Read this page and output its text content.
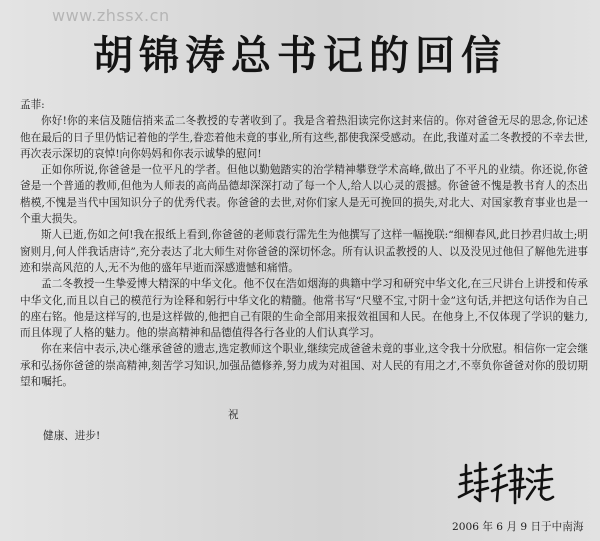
www.zhssx.cn
胡锦涛总书记的回信

孟菲:

你好!你的来信及随信捎来孟二冬教授的专著收到了。我是含着热泪读完你这封来信的。你对爸爸无尽的思念,你记述他在最后的日子里仍惦记着他的学生,眷恋着他未竟的事业,所有这些,都使我深受感动。在此,我谨对孟二冬教授的不幸去世,再次表示深切的哀悼!向你妈妈和你表示诚挚的慰问!

正如你所说,你爸爸是一位平凡的学者。但他以勤勉踏实的治学精神攀登学术高峰,做出了不平凡的业绩。你还说,你爸爸是一个普通的教师,但他为人师表的高尚品德却深深打动了每一个人,给人以心灵的震撼。你爸爸不愧是教书育人的杰出楷模,不愧是当代中国知识分子的优秀代表。你爸爸的去世,对你们家人是无可挽回的损失,对北大、对国家教育事业也是一个重大损失。

斯人已逝,伤如之何!我在报纸上看到,你爸爸的老师袁行霈先生为他撰写了这样一幅挽联:“细柳春风,此日抄君归故土;明窗则月,何人伴我话唐诗”,充分表达了北大师生对你爸爸的深切怀念。所有认识孟教授的人、以及没见过他但了解他先进事迹和崇高风范的人,无不为他的盛年早逝而深感遗憾和痛惜。

孟二冬教授一生挚爱博大精深的中华文化。他不仅在浩如烟海的典籍中学习和研究中华文化,在三尺讲台上讲授和传承中华文化,而且以自己的模范行为诠释和躬行中华文化的精髓。他常书写“尺璧不宝,寸阴十金”这句话,并把这句话作为自己的座右铭。他是这样写的,也是这样做的,他把自己有限的生命全部用来报效祖国和人民。在他身上,不仅体现了学识的魅力,而且体现了人格的魅力。他的崇高精神和品德值得各行各业的人们认真学习。

你在来信中表示,决心继承爸爸的遗志,选定教师这个职业,继续完成爸爸未竟的事业,这令我十分欣慰。相信你一定会继承和弘扬你爸爸的崇高精神,刻苦学习知识,加强品德修养,努力成为对祖国、对人民的有用之才,不辜负你爸爸对你的殷切期望和嘱托。

祝
健康、进步!
2006 年 6 月 9 日于中南海
